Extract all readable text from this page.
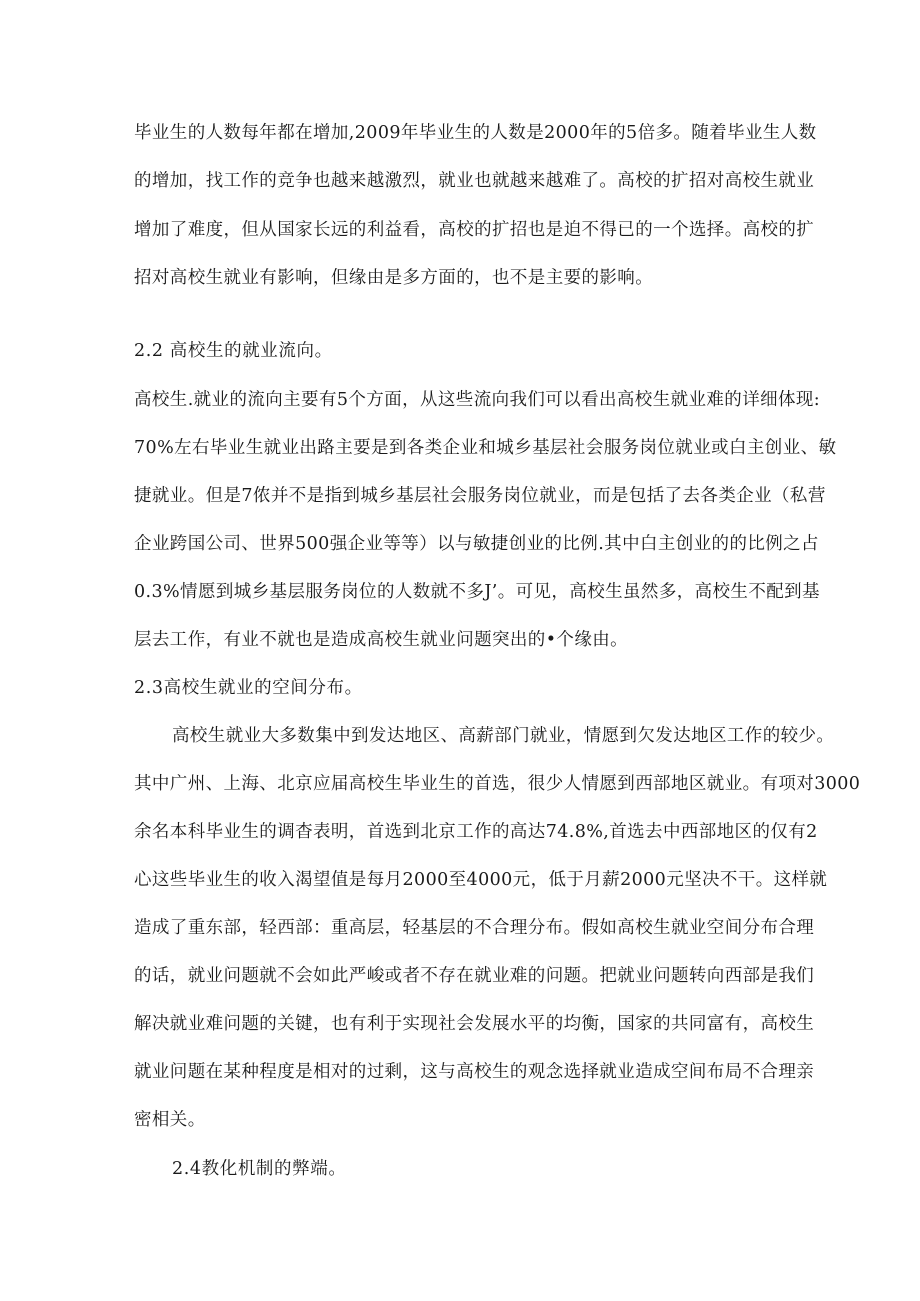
毕业生的人数每年都在增加,2009年毕业生的人数是2000年的5倍多。随着毕业生人数
的增加，找工作的竞争也越来越激烈，就业也就越来越难了。高校的扩招对高校生就业
增加了难度，但从国家长远的利益看，高校的扩招也是迫不得已的一个选择。高校的扩
招对高校生就业有影响，但缘由是多方面的，也不是主要的影响。
2.2 高校生的就业流向。
高校生.就业的流向主要有5个方面，从这些流向我们可以看出高校生就业难的详细体现:
70%左右毕业生就业出路主要是到各类企业和城乡基层社会服务岗位就业或白主创业、敏
捷就业。但是7侬并不是指到城乡基层社会服务岗位就业，而是包括了去各类企业（私营
企业跨国公司、世界500强企业等等）以与敏捷创业的比例.其中白主创业的的比例之占
0.3%情愿到城乡基层服务岗位的人数就不多J’。可见，高校生虽然多，高校生不配到基
层去工作，有业不就也是造成高校生就业问题突出的•个缘由。
2.3高校生就业的空间分布。
高校生就业大多数集中到发达地区、高薪部门就业，情愿到欠发达地区工作的较少。
其中广州、上海、北京应届高校生毕业生的首选，很少人情愿到西部地区就业。有项对3000
余名本科毕业生的调杳表明，首选到北京工作的高达74.8%,首选去中西部地区的仅有2
心这些毕业生的收入渴望值是每月2000至4000元，低于月薪2000元坚决不干。这样就
造成了重东部，轻西部：重高层，轻基层的不合理分布。假如高校生就业空间分布合理
的话，就业问题就不会如此严峻或者不存在就业难的问题。把就业问题转向西部是我们
解决就业难问题的关键，也有利于实现社会发展水平的均衡，国家的共同富有，高校生
就业问题在某种程度是相对的过剩，这与高校生的观念选择就业造成空间布局不合理亲
密相关。
2.4教化机制的弊端。
